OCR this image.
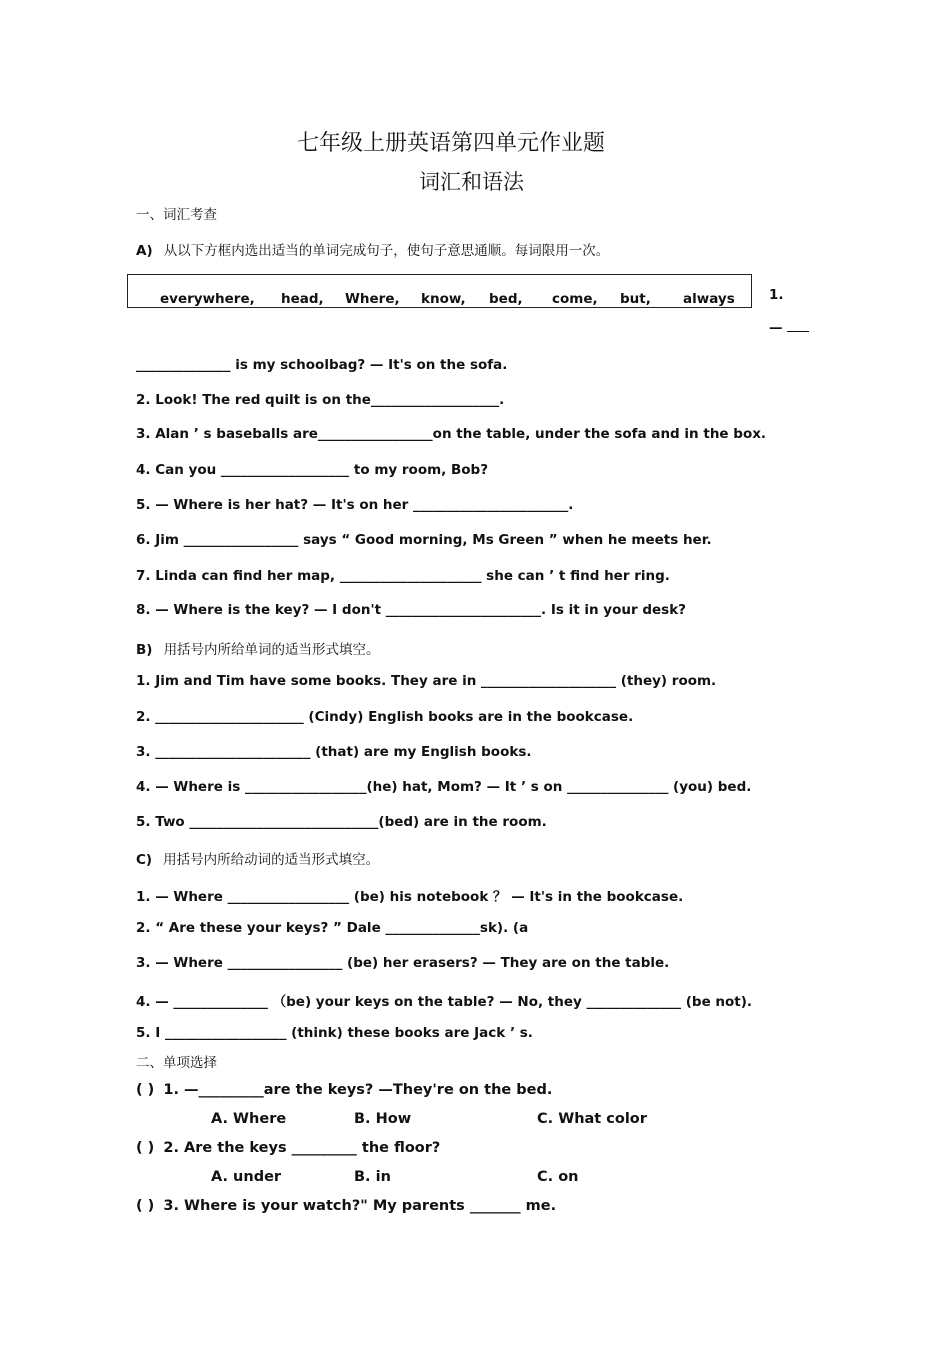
七年级上册英语第四单元作业题
词汇和语法
一、词汇考查
A) 从以下方框内选出适当的单词完成句子，使句子意思通顺。每词限用一次。
everywhere, head, Where, know, bed, come, but, always	1.
—
______________ is my schoolbag? — It's on the sofa.
2. Look! The red quilt is on the___________________.
3. Alan ’ s baseballs are_________________on the table, under the sofa and in the box.
4. Can you ___________________ to my room, Bob?
5. — Where is her hat? — It's on her _______________________.
6. Jim _________________ says “ Good morning, Ms Green ” when he meets her.
7. Linda can find her map, _____________________ she can ’ t find her ring.
8. — Where is the key? — I don't _______________________. Is it in your desk?
B) 用括号内所给单词的适当形式填空。
1. Jim and Tim have some books. They are in ____________________ (they) room.
2. ______________________ (Cindy) English books are in the bookcase.
3. _______________________ (that) are my English books.
4. — Where is __________________(he) hat, Mom? — It ’ s on _______________ (you) bed.
5. Two ____________________________(bed) are in the room.
C) 用括号内所给动词的适当形式填空。
1. — Where __________________ (be) his notebook ？ — It's in the bookcase.
2. “ Are these your keys? ” Dale ______________sk). (a
3. — Where _________________ (be) her erasers? — They are on the table.
4. — ______________ （be) your keys on the table? — No, they ______________ (be not).
5. I __________________ (think) these books are Jack ’ s.
二、单项选择
( ) 1. —_________are the keys? —They're on the bed.
A. Where	B. How	C. What color
( ) 2. Are the keys _________ the floor?
A. under	B. in	C. on
( ) 3. Where is your watch?" My parents _______ me.
